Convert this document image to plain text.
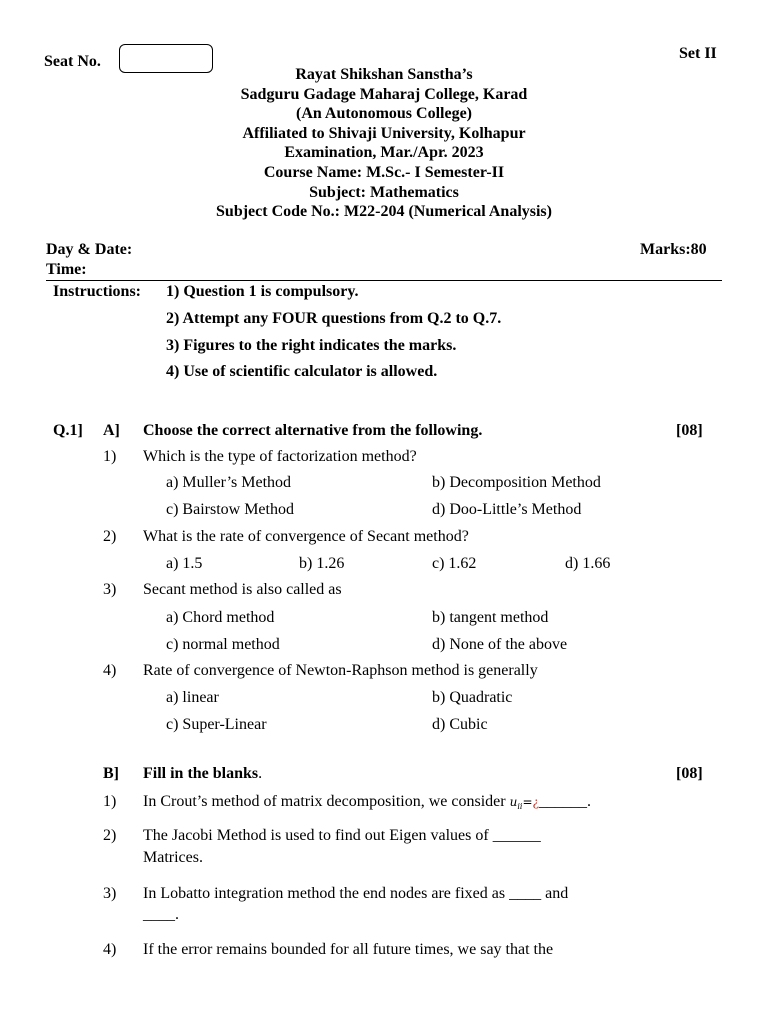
Seat No.	Set II
Rayat Shikshan Sanstha’s
Sadguru Gadage Maharaj College, Karad
(An Autonomous College)
Affiliated to Shivaji University, Kolhapur
Examination, Mar./Apr. 2023
Course Name: M.Sc.- I Semester-II
Subject: Mathematics
Subject Code No.: M22-204 (Numerical Analysis)
Day & Date:	Marks:80
Time:
Instructions: 1) Question 1 is compulsory.
2) Attempt any FOUR questions from Q.2 to Q.7.
3) Figures to the right indicates the marks.
4) Use of scientific calculator is allowed.
Q.1] A] Choose the correct alternative from the following.	[08]
1) Which is the type of factorization method?
a) Muller’s Method	b) Decomposition Method
c) Bairstow Method	d) Doo-Little’s Method
2) What is the rate of convergence of Secant method?
a) 1.5	b) 1.26	c) 1.62	d) 1.66
3) Secant method is also called as
a) Chord method	b) tangent method
c) normal method	d) None of the above
4) Rate of convergence of Newton-Raphson method is generally
a) linear	b) Quadratic
c) Super-Linear	d) Cubic
B] Fill in the blanks.	[08]
1) In Crout’s method of matrix decomposition, we consider $u_{ii}=¿\_\_\_\_\_\_$.
2) The Jacobi Method is used to find out Eigen values of ______
Matrices.
3) In Lobatto integration method the end nodes are fixed as ____ and
____.
4) If the error remains bounded for all future times, we say that the
